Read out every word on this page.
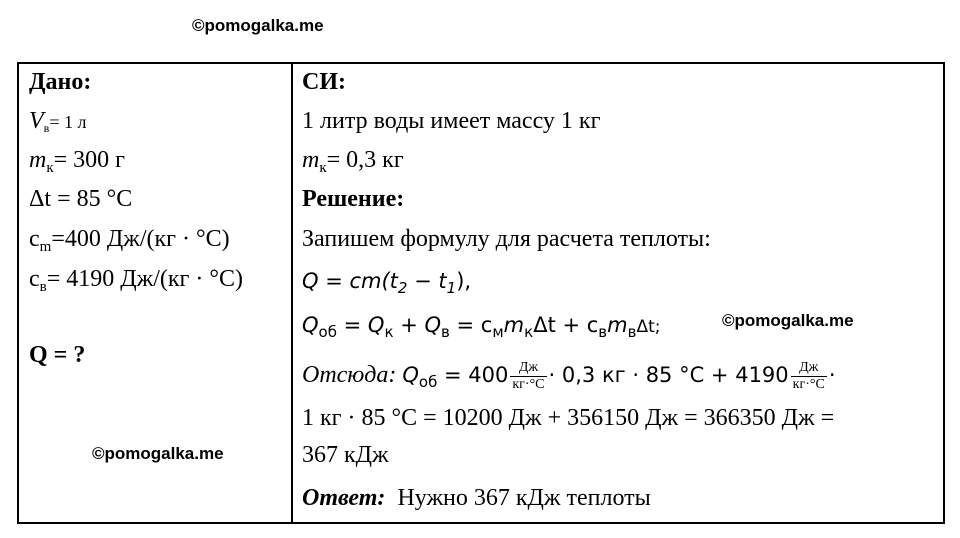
©pomogalka.me
Дано:
Vв= 1 л
$m_к= 300$ г
Δt = 85 °C
$c_m=400$ Дж/(кг · °C)
$c_в= 4190$ Дж/(кг · °C)
Q = ?
СИ:
1 литр воды имеет массу 1 кг
$m_к= 0,3$ кг
Решение:
Запишем формулу для расчета теплоты:
$Q = cm(t_2 - t_1)$,
$Q_{об} = Q_к + Q_в = c_мm_к\Delta t + c_вm_в\Delta t$;
Отсюда: $Q_{об} = 400 \frac{Дж}{кг\cdot^\circ C} \cdot 0,3$ кг · 85 $^\circ C + 4190 \frac{Дж}{кг\cdot^\circ C}$ ·
1 кг · 85 °C = 10200 Дж + 356150 Дж = 366350 Дж =
367 кДж
Ответ: Нужно 367 кДж теплоты
©pomogalka.me
©pomogalka.me
